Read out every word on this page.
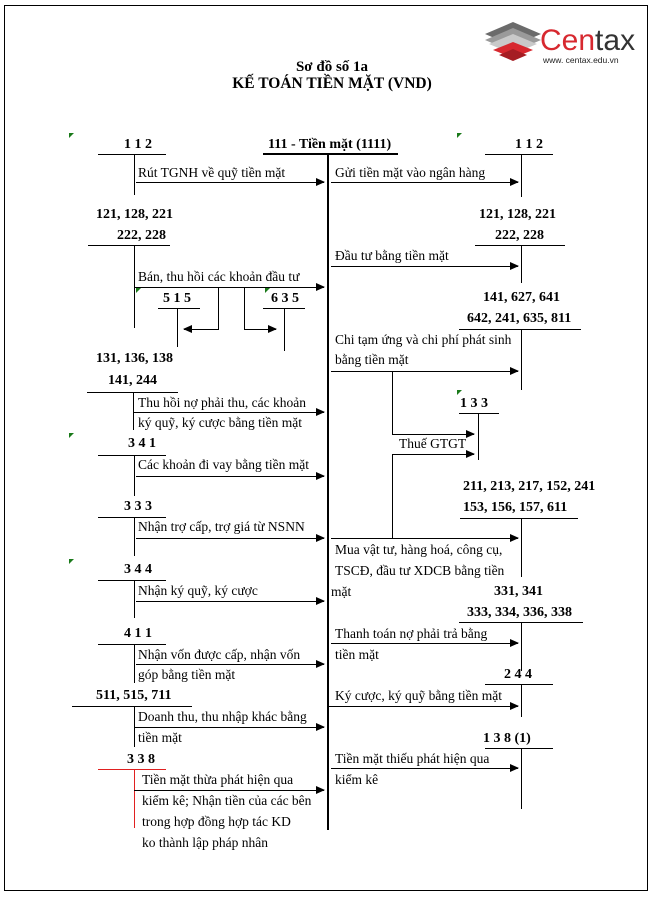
Centax
www. centax.edu.vn
Sơ đồ số 1a
KẾ TOÁN TIỀN MẶT (VND)
111 - Tiền mặt (1111)
1 1 2
Rút TGNH về quỹ tiền mặt
121, 128, 221
222, 228
Bán, thu hồi các khoản đầu tư
5 1 5	6 3 5
131, 136, 138
141, 244
Thu hồi nợ phải thu, các khoản
ký quỹ, ký cược bằng tiền mặt
3 4 1
Các khoản đi vay bằng tiền mặt
3 3 3
Nhận trợ cấp, trợ giá từ NSNN
3 4 4
Nhận ký quỹ, ký cược
4 1 1
Nhận vốn được cấp, nhận vốn
góp bằng tiền mặt
511, 515, 711
Doanh thu, thu nhập khác bằng
tiền mặt
3 3 8
Tiền mặt thừa phát hiện qua
kiểm kê; Nhận tiền của các bên
trong hợp đồng hợp tác KD
ko thành lập pháp nhân
1 1 2
Gửi tiền mặt vào ngân hàng
121, 128, 221
222, 228
Đầu tư bằng tiền mặt
141, 627, 641
642, 241, 635, 811
Chi tạm ứng và chi phí phát sinh
bằng tiền mặt
1 3 3
Thuế GTGT
211, 213, 217, 152, 241
153, 156, 157, 611
Mua vật tư, hàng hoá, công cụ,
TSCĐ, đầu tư XDCB bằng tiền
mặt	331, 341
333, 334, 336, 338
Thanh toán nợ phải trả bằng
tiền mặt
2 4 4
Ký cược, ký quỹ bằng tiền mặt
1 3 8 (1)
Tiền mặt thiếu phát hiện qua
kiểm kê
